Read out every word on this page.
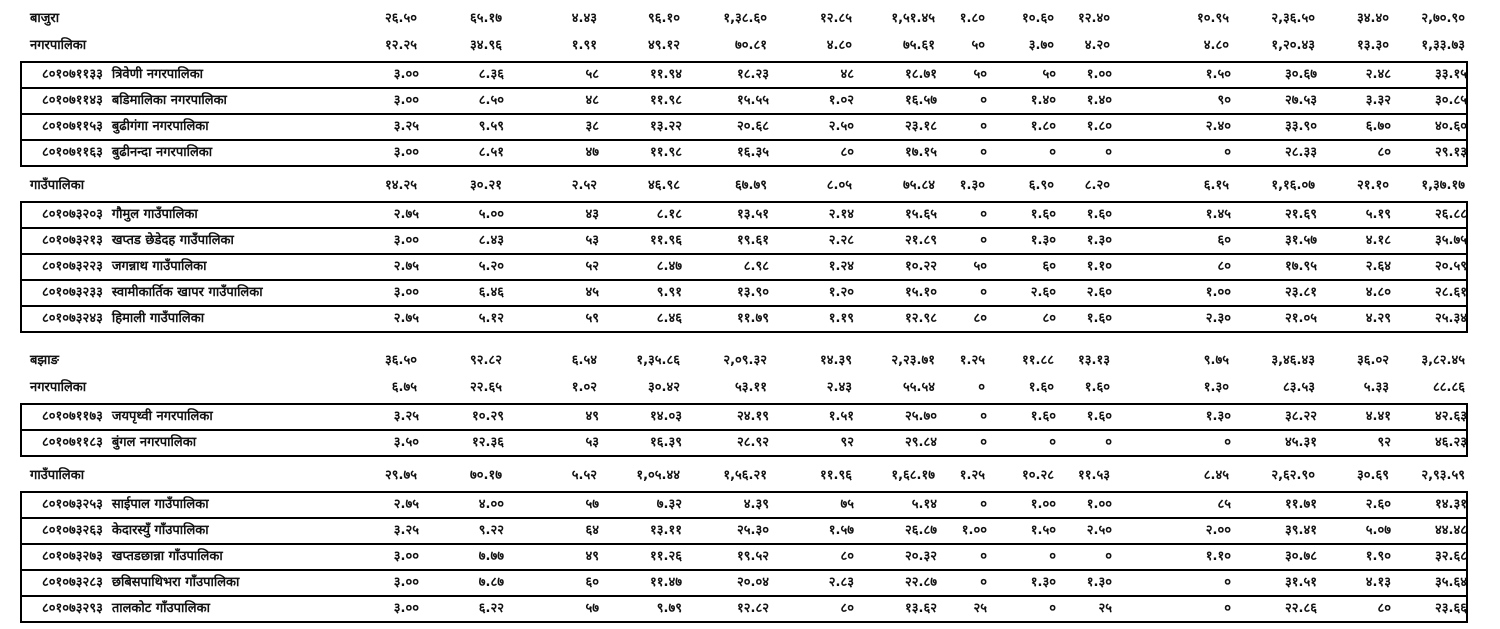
बाजुरा	२६.५०	६५.१७	४.४३	९६.१०	१,३८.६०	१२.८५	१,५१.४५	१.८०	१०.६०	१२.४०	१०.९५	२,३६.५०	३४.४०	२,७०.९०
नगरपालिका	१२.२५	३४.९६	१.९१	४९.१२	७०.८१	४.८०	७५.६१	५०	३.७०	४.२०	४.८०	१,२०.४३	१३.३०	१,३३.७३
८०१०७११३३ त्रिवेणी नगरपालिका	३.००	८.३६	५८	११.९४	१८.२३	४८	१८.७१	५०	५०	१.००	१.५०	३०.६७	२.४८	३३.१५
८०१०७११४३ बडिमालिका नगरपालिका	३.००	८.५०	४८	११.९८	१५.५५	१.०२	१६.५७	०	१.४०	१.४०	९०	२७.५३	३.३२	३०.८५
८०१०७११५३ बुढीगंगा नगरपालिका	३.२५	९.५९	३८	१३.२२	२०.६८	२.५०	२३.१८	०	१.८०	१.८०	२.४०	३३.९०	६.७०	४०.६०
८०१०७११६३ बुढीनन्दा नगरपालिका	३.००	८.५१	४७	११.९८	१६.३५	८०	१७.१५	०	०	०	०	२८.३३	८०	२९.१३
गाउँपालिका	१४.२५	३०.२१	२.५२	४६.९८	६७.७९	८.०५	७५.८४	१.३०	६.९०	८.२०	६.१५	१,१६.०७	२१.१०	१,३७.१७
८०१०७३२०३ गौमुल गाउँपालिका	२.७५	५.००	४३	८.१८	१३.५१	२.१४	१५.६५	०	१.६०	१.६०	१.४५	२१.६९	५.१९	२६.८८
८०१०७३२१३ खप्तड छेडेदह गाउँपालिका	३.००	८.४३	५३	११.९६	१९.६१	२.२८	२१.८९	०	१.३०	१.३०	६०	३१.५७	४.१८	३५.७५
८०१०७३२२३ जगन्नाथ गाउँपालिका	२.७५	५.२०	५२	८.४७	८.९८	१.२४	१०.२२	५०	६०	१.१०	८०	१७.९५	२.६४	२०.५९
८०१०७३२३३ स्वामीकार्तिक खापर गाउँपालिका	३.००	६.४६	४५	९.९१	१३.९०	१.२०	१५.१०	०	२.६०	२.६०	१.००	२३.८१	४.८०	२८.६१
८०१०७३२४३ हिमाली गाउँपालिका	२.७५	५.१२	५९	८.४६	११.७९	१.१९	१२.९८	८०	८०	१.६०	२.३०	२१.०५	४.२९	२५.३४
बझाङ	३६.५०	९२.८२	६.५४	१,३५.८६	२,०९.३२	१४.३९	२,२३.७१	१.२५	११.८८	१३.१३	९.७५	३,४६.४३	३६.०२	३,८२.४५
नगरपालिका	६.७५	२२.६५	१.०२	३०.४२	५३.११	२.४३	५५.५४	०	१.६०	१.६०	१.३०	८३.५३	५.३३	८८.८६
८०१०७११७३ जयपृथ्वी नगरपालिका	३.२५	१०.२९	४९	१४.०३	२४.१९	१.५१	२५.७०	०	१.६०	१.६०	१.३०	३८.२२	४.४१	४२.६३
८०१०७११८३ बुंगल नगरपालिका	३.५०	१२.३६	५३	१६.३९	२८.९२	९२	२९.८४	०	०	०	०	४५.३१	९२	४६.२३
गाउँपालिका	२९.७५	७०.१७	५.५२	१,०५.४४	१,५६.२१	११.९६	१,६८.१७	१.२५	१०.२८	११.५३	८.४५	२,६२.९०	३०.६९	२,९३.५९
८०१०७३२५३ साईपाल गाउँपालिका	२.७५	४.००	५७	७.३२	४.३९	७५	५.१४	०	१.००	१.००	८५	११.७१	२.६०	१४.३१
८०१०७३२६३ केदारस्युँ गाँउपालिका	३.२५	९.२२	६४	१३.११	२५.३०	१.५७	२६.८७	१.००	१.५०	२.५०	२.००	३९.४१	५.०७	४४.४८
८०१०७३२७३ खप्तडछान्ना गाँउपालिका	३.००	७.७७	४९	११.२६	१९.५२	८०	२०.३२	०	०	०	१.१०	३०.७८	१.९०	३२.६८
८०१०७३२८३ छबिसपाथिभरा गाँउपालिका	३.००	७.८७	६०	११.४७	२०.०४	२.८३	२२.८७	०	१.३०	१.३०	०	३१.५१	४.१३	३५.६४
८०१०७३२९३ तालकोट गाँउपालिका	३.००	६.२२	५७	९.७९	१२.८२	८०	१३.६२	२५	०	२५	०	२२.८६	८०	२३.६६
